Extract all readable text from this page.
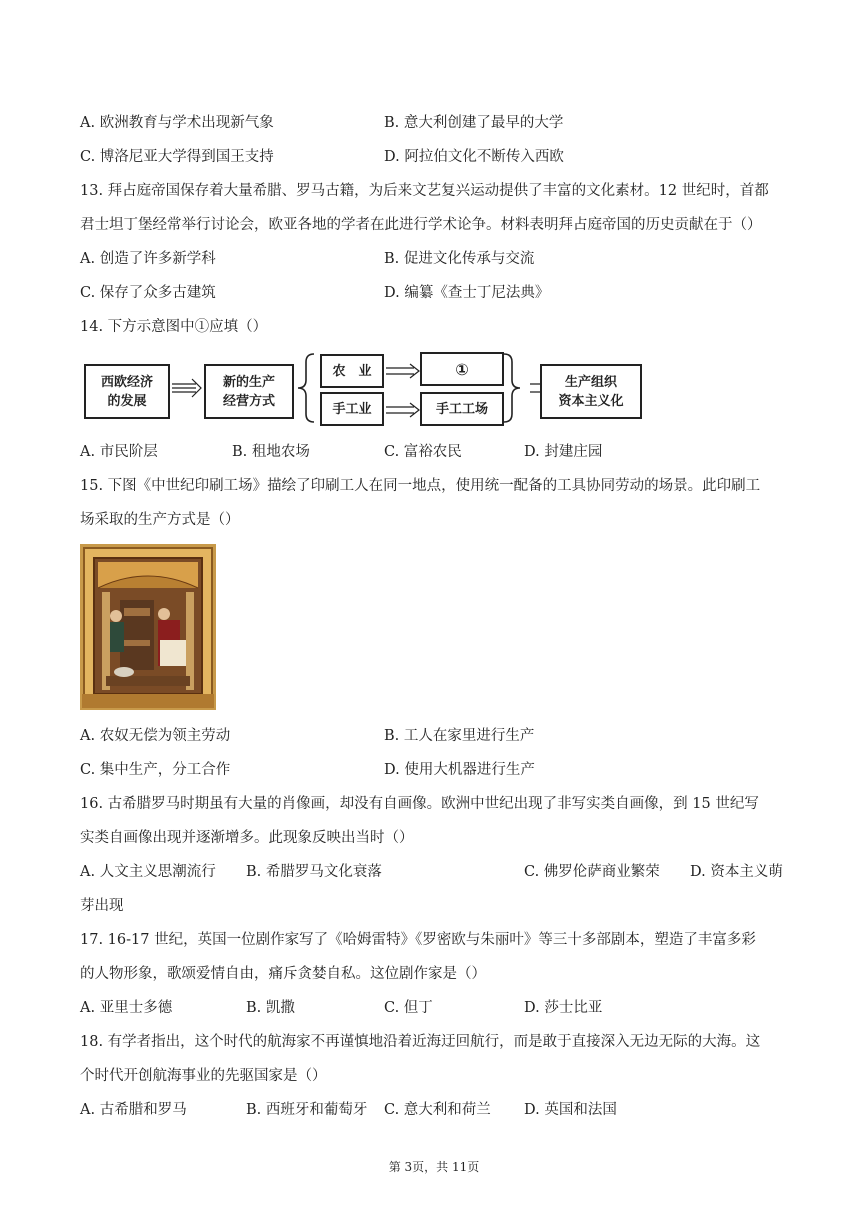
A. 欧洲教育与学术出现新气象	B. 意大利创建了最早的大学
C. 博洛尼亚大学得到国王支持	D. 阿拉伯文化不断传入西欧
13. 拜占庭帝国保存着大量希腊、罗马古籍，为后来文艺复兴运动提供了丰富的文化素材。12 世纪时，首都
君士坦丁堡经常举行讨论会，欧亚各地的学者在此进行学术论争。材料表明拜占庭帝国的历史贡献在于（）
A. 创造了许多新学科	B. 促进文化传承与交流
C. 保存了众多古建筑	D. 编纂《查士丁尼法典》
14. 下方示意图中①应填（）
西欧经济
的发展
新的生产
经营方式
农　业	①
手工业	手工工场
生产组织
资本主义化
A. 市民阶层	B. 租地农场	C. 富裕农民	D. 封建庄园
15. 下图《中世纪印刷工场》描绘了印刷工人在同一地点，使用统一配备的工具协同劳动的场景。此印刷工
场采取的生产方式是（）
A. 农奴无偿为领主劳动	B. 工人在家里进行生产
C. 集中生产，分工合作	D. 使用大机器进行生产
16. 古希腊罗马时期虽有大量的肖像画，却没有自画像。欧洲中世纪出现了非写实类自画像，到 15 世纪写
实类自画像出现并逐渐增多。此现象反映出当时（）
A. 人文主义思潮流行 B. 希腊罗马文化衰落	C. 佛罗伦萨商业繁荣 D. 资本主义萌
芽出现
17. 16-17 世纪，英国一位剧作家写了《哈姆雷特》《罗密欧与朱丽叶》等三十多部剧本，塑造了丰富多彩
的人物形象，歌颂爱情自由，痛斥贪婪自私。这位剧作家是（）
A. 亚里士多德	B. 凯撒	C. 但丁	D. 莎士比亚
18. 有学者指出，这个时代的航海家不再谨慎地沿着近海迂回航行，而是敢于直接深入无边无际的大海。这
个时代开创航海事业的先驱国家是（）
A. 古希腊和罗马	B. 西班牙和葡萄牙 C. 意大利和荷兰 D. 英国和法国
第 3页，共 11页
